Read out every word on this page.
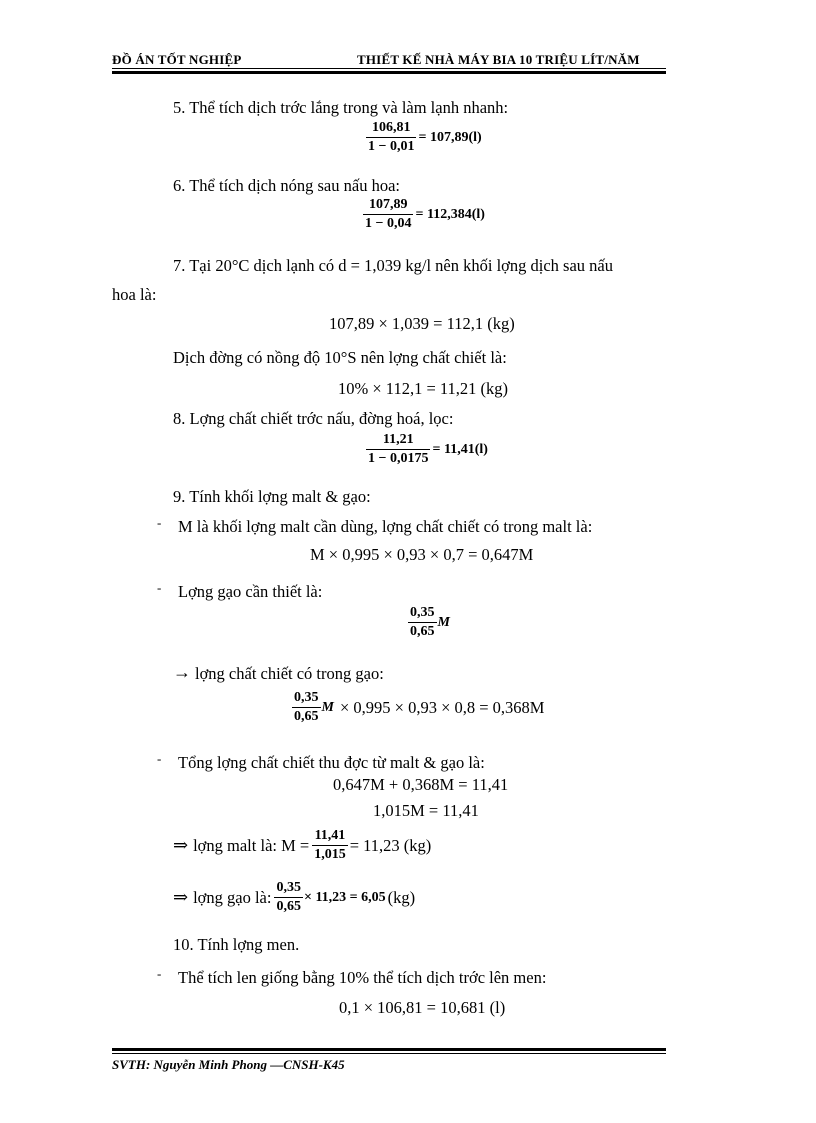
ĐỒ ÁN TỐT NGHIỆP	THIẾT KẾ NHÀ MÁY BIA 10 TRIỆU LÍT/NĂM
5. Thể tích dịch trớc lắng trong và làm lạnh nhanh:
$\frac{106,81}{1 - 0,01} = 107,89(l)$
6. Thể tích dịch nóng sau nấu hoa:
$\frac{107,89}{1 - 0,04} = 112,384(l)$
7. Tại 20°C dịch lạnh có d = 1,039 kg/l nên khối lợng dịch sau nấu
hoa là:
107,89 × 1,039 = 112,1 (kg)
Dịch đờng có nồng độ 10°S nên lợng chất chiết là:
10% × 112,1 = 11,21 (kg)
8. Lợng chất chiết trớc nấu, đờng hoá, lọc:
$\frac{11,21}{1 - 0,0175} = 11,41(l)$
9. Tính khối lợng malt & gạo:
- M là khối lợng malt cần dùng, lợng chất chiết có trong malt là:
M × 0,995 × 0,93 × 0,7 = 0,647M
- Lợng gạo cần thiết là:
$\frac{0,35}{0,65}$ M
→ lợng chất chiết có trong gạo:
$\frac{0,35}{0,65}$ M × 0,995 × 0,93 × 0,8 = 0,368M
- Tổng lợng chất chiết thu đợc từ malt & gạo là:
0,647M + 0,368M = 11,41
1,015M = 11,41
⇒ lợng malt là: $M = \frac{11,41}{1,015} = 11,23$ (kg)
⇒ lợng gạo là: $\frac{0,35}{0,65} \times 11,23 = 6,05$ (kg)
10. Tính lợng men.
- Thể tích len giống bằng 10% thể tích dịch trớc lên men:
0,1 × 106,81 = 10,681 (l)
SVTH: Nguyễn Minh Phong —CNSH-K45
